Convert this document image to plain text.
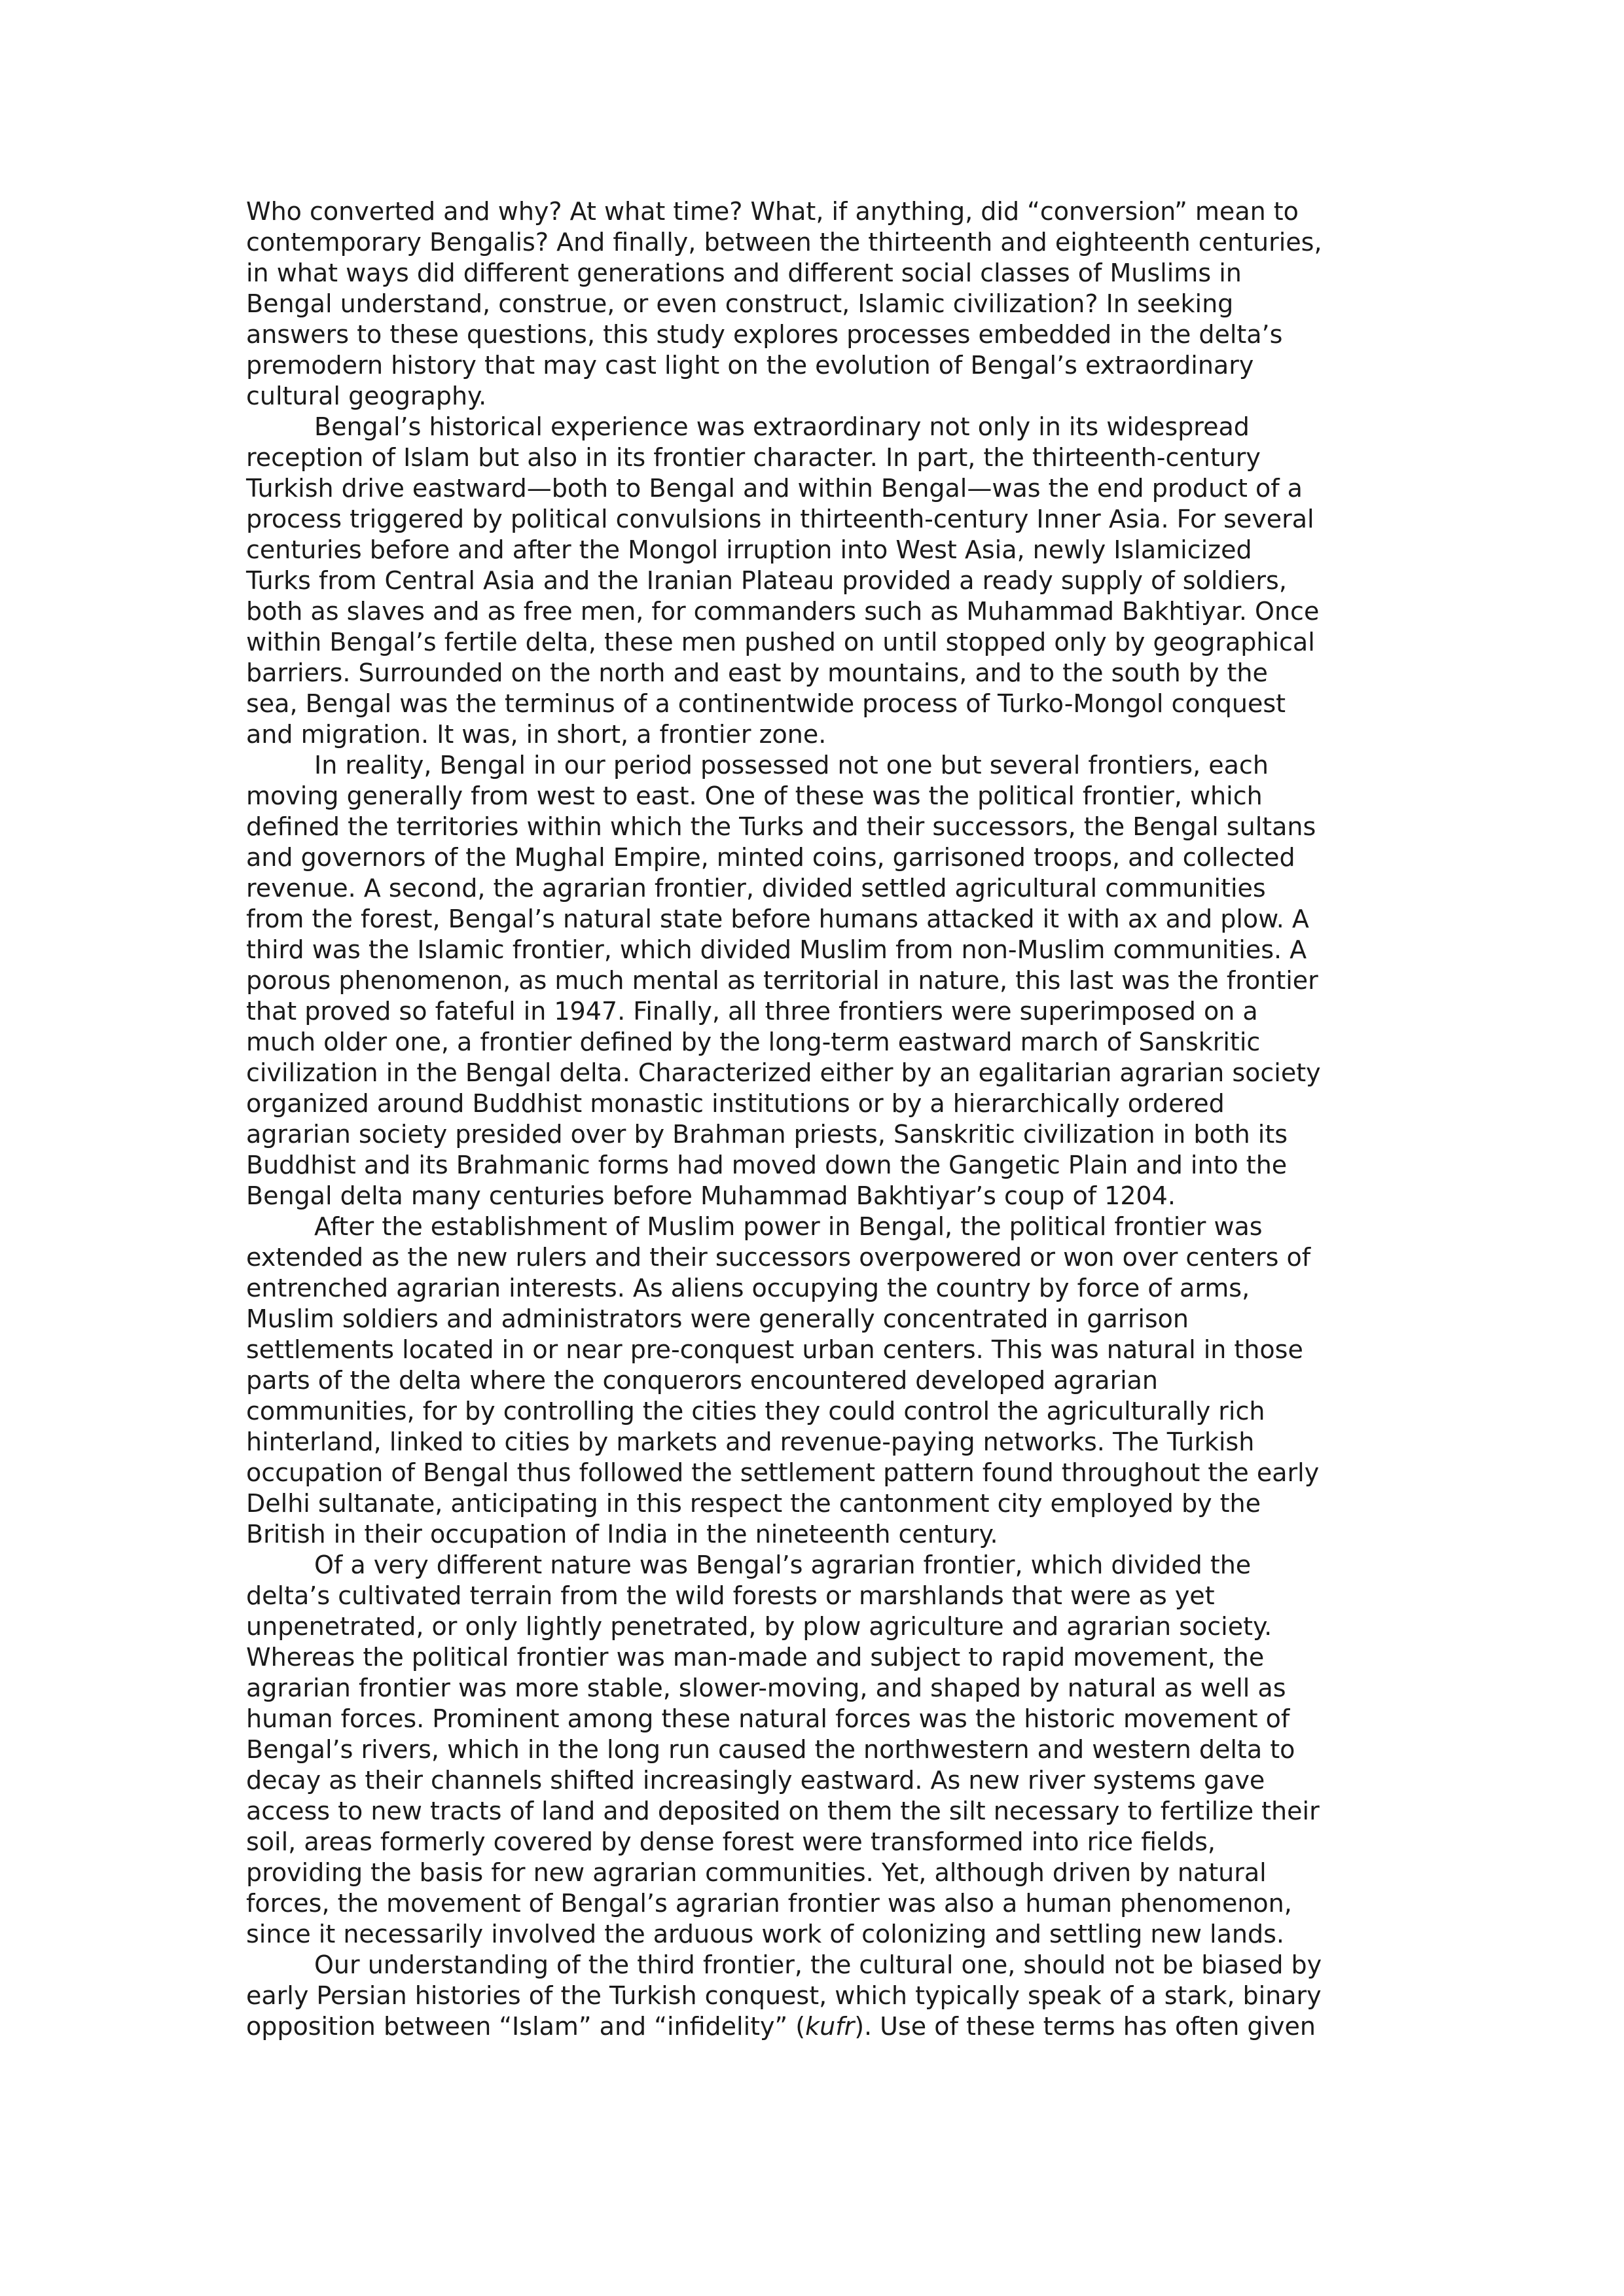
Who converted and why? At what time? What, if anything, did “conversion” mean to
contemporary Bengalis? And finally, between the thirteenth and eighteenth centuries,
in what ways did different generations and different social classes of Muslims in
Bengal understand, construe, or even construct, Islamic civilization? In seeking
answers to these questions, this study explores processes embedded in the delta’s
premodern history that may cast light on the evolution of Bengal’s extraordinary
cultural geography.
Bengal’s historical experience was extraordinary not only in its widespread
reception of Islam but also in its frontier character. In part, the thirteenth-century
Turkish drive eastward—both to Bengal and within Bengal—was the end product of a
process triggered by political convulsions in thirteenth-century Inner Asia. For several
centuries before and after the Mongol irruption into West Asia, newly Islamicized
Turks from Central Asia and the Iranian Plateau provided a ready supply of soldiers,
both as slaves and as free men, for commanders such as Muhammad Bakhtiyar. Once
within Bengal’s fertile delta, these men pushed on until stopped only by geographical
barriers. Surrounded on the north and east by mountains, and to the south by the
sea, Bengal was the terminus of a continentwide process of Turko-Mongol conquest
and migration. It was, in short, a frontier zone.
In reality, Bengal in our period possessed not one but several frontiers, each
moving generally from west to east. One of these was the political frontier, which
defined the territories within which the Turks and their successors, the Bengal sultans
and governors of the Mughal Empire, minted coins, garrisoned troops, and collected
revenue. A second, the agrarian frontier, divided settled agricultural communities
from the forest, Bengal’s natural state before humans attacked it with ax and plow. A
third was the Islamic frontier, which divided Muslim from non-Muslim communities. A
porous phenomenon, as much mental as territorial in nature, this last was the frontier
that proved so fateful in 1947. Finally, all three frontiers were superimposed on a
much older one, a frontier defined by the long-term eastward march of Sanskritic
civilization in the Bengal delta. Characterized either by an egalitarian agrarian society
organized around Buddhist monastic institutions or by a hierarchically ordered
agrarian society presided over by Brahman priests, Sanskritic civilization in both its
Buddhist and its Brahmanic forms had moved down the Gangetic Plain and into the
Bengal delta many centuries before Muhammad Bakhtiyar’s coup of 1204.
After the establishment of Muslim power in Bengal, the political frontier was
extended as the new rulers and their successors overpowered or won over centers of
entrenched agrarian interests. As aliens occupying the country by force of arms,
Muslim soldiers and administrators were generally concentrated in garrison
settlements located in or near pre-conquest urban centers. This was natural in those
parts of the delta where the conquerors encountered developed agrarian
communities, for by controlling the cities they could control the agriculturally rich
hinterland, linked to cities by markets and revenue-paying networks. The Turkish
occupation of Bengal thus followed the settlement pattern found throughout the early
Delhi sultanate, anticipating in this respect the cantonment city employed by the
British in their occupation of India in the nineteenth century.
Of a very different nature was Bengal’s agrarian frontier, which divided the
delta’s cultivated terrain from the wild forests or marshlands that were as yet
unpenetrated, or only lightly penetrated, by plow agriculture and agrarian society.
Whereas the political frontier was man-made and subject to rapid movement, the
agrarian frontier was more stable, slower-moving, and shaped by natural as well as
human forces. Prominent among these natural forces was the historic movement of
Bengal’s rivers, which in the long run caused the northwestern and western delta to
decay as their channels shifted increasingly eastward. As new river systems gave
access to new tracts of land and deposited on them the silt necessary to fertilize their
soil, areas formerly covered by dense forest were transformed into rice fields,
providing the basis for new agrarian communities. Yet, although driven by natural
forces, the movement of Bengal’s agrarian frontier was also a human phenomenon,
since it necessarily involved the arduous work of colonizing and settling new lands.
Our understanding of the third frontier, the cultural one, should not be biased by
early Persian histories of the Turkish conquest, which typically speak of a stark, binary
opposition between “Islam” and “infidelity” (kufr). Use of these terms has often given
